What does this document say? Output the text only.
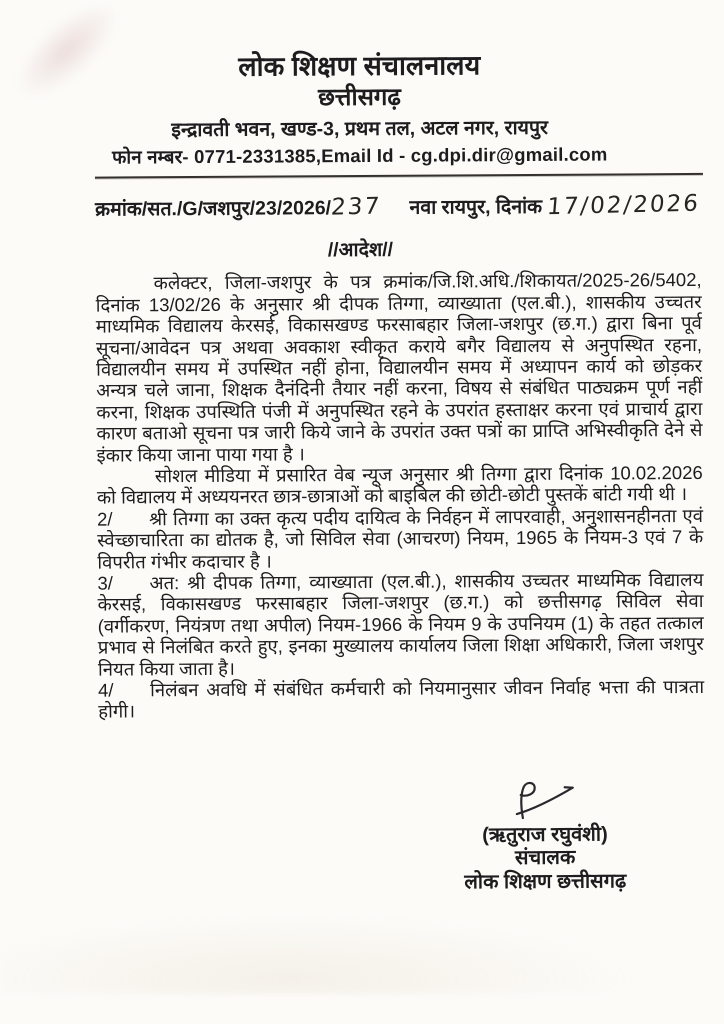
लोक शिक्षण संचालनालय
छत्तीसगढ़
इन्द्रावती भवन, खण्ड-3, प्रथम तल, अटल नगर, रायपुर
फोन नम्बर- 0771-2331385,Email Id - cg.dpi.dir@gmail.com
क्रमांक/सत./G/जशपुर/23/2026/237 नवा रायपुर, दिनांक 17/02/2026
//आदेश//

कलेक्टर, जिला-जशपुर के पत्र क्रमांक/जि.शि.अधि./शिकायत/2025-26/5402, दिनांक 13/02/26 के अनुसार श्री दीपक तिग्गा, व्याख्याता (एल.बी.), शासकीय उच्चतर माध्यमिक विद्यालय केरसई, विकासखण्ड फरसाबहार जिला-जशपुर (छ.ग.) द्वारा बिना पूर्व सूचना/आवेदन पत्र अथवा अवकाश स्वीकृत कराये बगैर विद्यालय से अनुपस्थित रहना, विद्यालयीन समय में उपस्थित नहीं होना, विद्यालयीन समय में अध्यापन कार्य को छोड़कर अन्यत्र चले जाना, शिक्षक दैनंदिनी तैयार नहीं करना, विषय से संबंधित पाठ्यक्रम पूर्ण नहीं करना, शिक्षक उपस्थिति पंजी में अनुपस्थित रहने के उपरांत हस्ताक्षर करना एवं प्राचार्य द्वारा कारण बताओ सूचना पत्र जारी किये जाने के उपरांत उक्त पत्रों का प्राप्ति अभिस्वीकृति देने से इंकार किया जाना पाया गया है ।

सोशल मीडिया में प्रसारित वेब न्यूज अनुसार श्री तिग्गा द्वारा दिनांक 10.02.2026 को विद्यालय में अध्ययनरत छात्र-छात्राओं को बाइबिल की छोटी-छोटी पुस्तकें बांटी गयी थी ।

2/ श्री तिग्गा का उक्त कृत्य पदीय दायित्व के निर्वहन में लापरवाही, अनुशासनहीनता एवं स्वेच्छाचारिता का द्योतक है, जो सिविल सेवा (आचरण) नियम, 1965 के नियम-3 एवं 7 के विपरीत गंभीर कदाचार है ।

3/ अत: श्री दीपक तिग्गा, व्याख्याता (एल.बी.), शासकीय उच्चतर माध्यमिक विद्यालय केरसई, विकासखण्ड फरसाबहार जिला-जशपुर (छ.ग.) को छत्तीसगढ़ सिविल सेवा (वर्गीकरण, नियंत्रण तथा अपील) नियम-1966 के नियम 9 के उपनियम (1) के तहत तत्काल प्रभाव से निलंबित करते हुए, इनका मुख्यालय कार्यालय जिला शिक्षा अधिकारी, जिला जशपुर नियत किया जाता है।

4/ निलंबन अवधि में संबंधित कर्मचारी को नियमानुसार जीवन निर्वाह भत्ता की पात्रता होगी।

(ऋतुराज रघुवंशी)
संचालक
लोक शिक्षण छत्तीसगढ़
